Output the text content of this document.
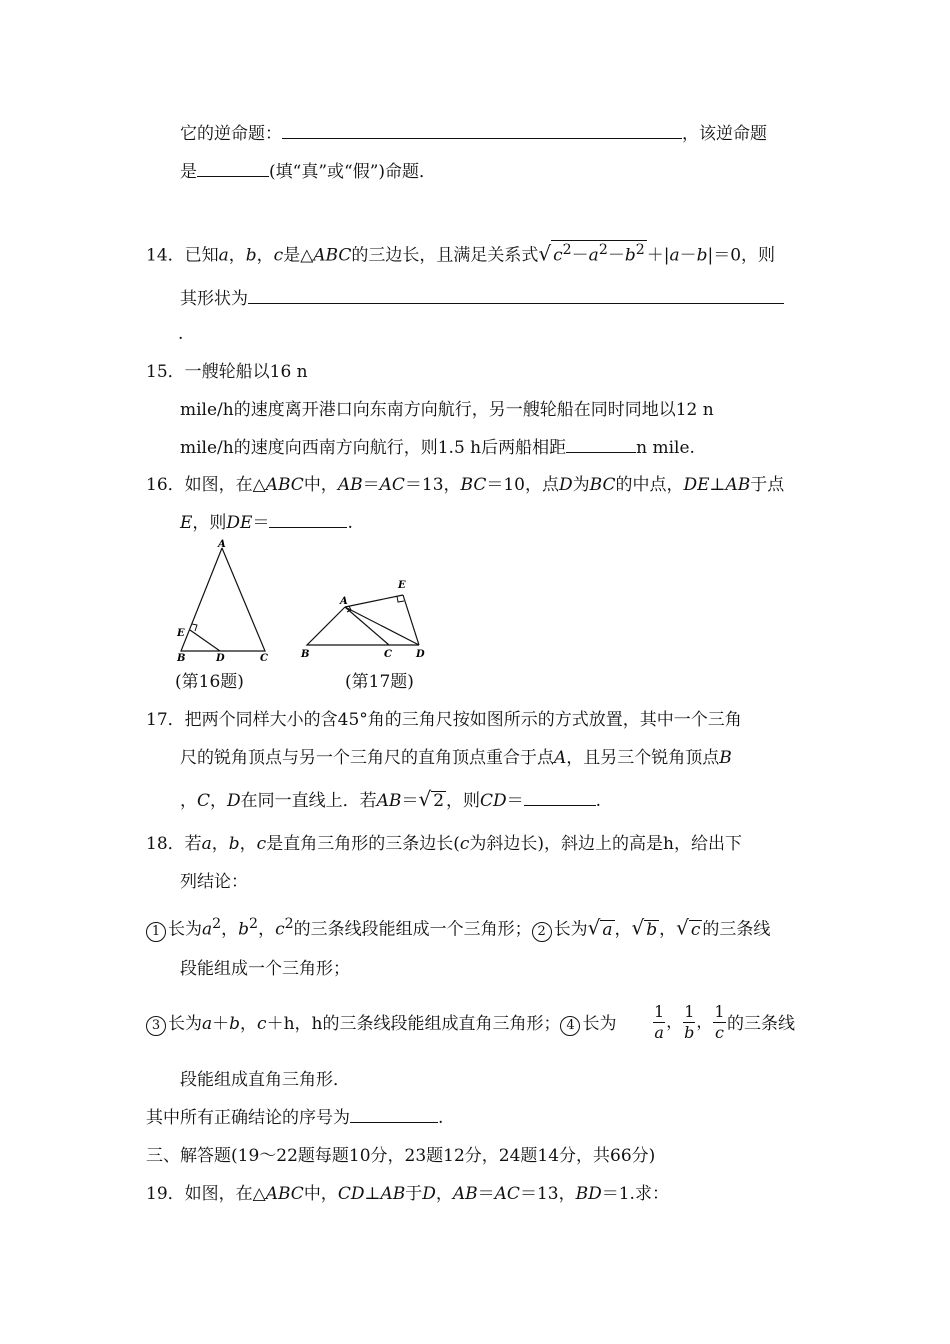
它的逆命题：	，该逆命题
是	(填“真”或“假”)命题．
14．已知a，b，c是△ABC的三边长，且满足关系式√ $c^2-a^2-b^2 +|a-b|=0$，则
其形状为
.
15．一艘轮船以16 n
mile/h的速度离开港口向东南方向航行，另一艘轮船在同时同地以12 n
mile/h的速度向西南方向航行，则1.5 h后两船相距	n mile.
16．如图，在△ABC中，AB＝AC＝13，BC＝10，点D为BC的中点，DE⊥AB于点
E，则DE＝	.
A
E
B	D	C
A
E
B	C D
(第16题)	(第17题)
17．把两个同样大小的含45°角的三角尺按如图所示的方式放置，其中一个三角
尺的锐角顶点与另一个三角尺的直角顶点重合于点A，且另三个锐角顶点B
，C，D在同一直线上．若AB＝√ 2 ，则CD＝	.
18．若a，b，c是直角三角形的三条边长(c为斜边长)，斜边上的高是h，给出下
列结论：
1 长为$a^2$，$b^2$，$c^2$的三条线段能组成一个三角形； 2 长为√ a ，√ b ，√ c 的三条线
段能组成一个三角形；
3 长为a＋b，c＋h，h的三条线段能组成直角三角形； 4 长为 $\frac{1}{a}$ ， $\frac{1}{b}$ ， $\frac{1}{c}$ 的三条线
段能组成直角三角形．
其中所有正确结论的序号为	.
三、解答题(19～22题每题10分，23题12分，24题14分，共66分)
19．如图，在△ABC中，CD⊥AB于D，AB＝AC＝13，BD＝1.求：
